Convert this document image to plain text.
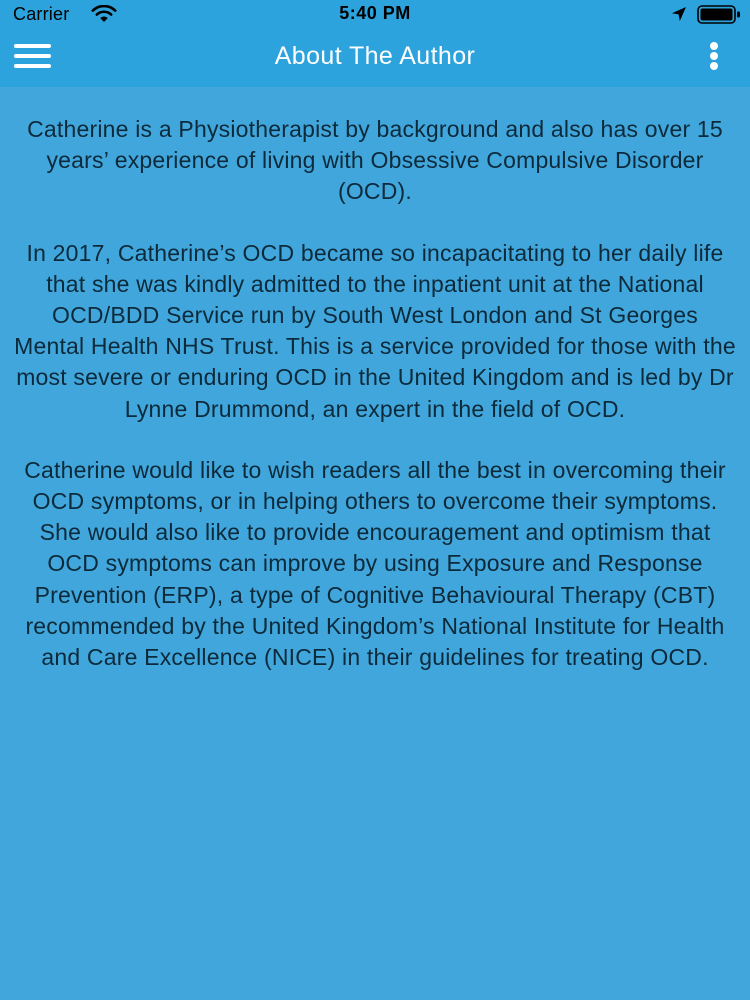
Carrier	5:40 PM
About The Author

Catherine is a Physiotherapist by background and also has over 15 years’ experience of living with Obsessive Compulsive Disorder (OCD).

In 2017, Catherine’s OCD became so incapacitating to her daily life that she was kindly admitted to the inpatient unit at the National OCD/BDD Service run by South West London and St Georges Mental Health NHS Trust. This is a service provided for those with the most severe or enduring OCD in the United Kingdom and is led by Dr Lynne Drummond, an expert in the field of OCD.

Catherine would like to wish readers all the best in overcoming their OCD symptoms, or in helping others to overcome their symptoms. She would also like to provide encouragement and optimism that OCD symptoms can improve by using Exposure and Response Prevention (ERP), a type of Cognitive Behavioural Therapy (CBT) recommended by the United Kingdom’s National Institute for Health and Care Excellence (NICE) in their guidelines for treating OCD.
